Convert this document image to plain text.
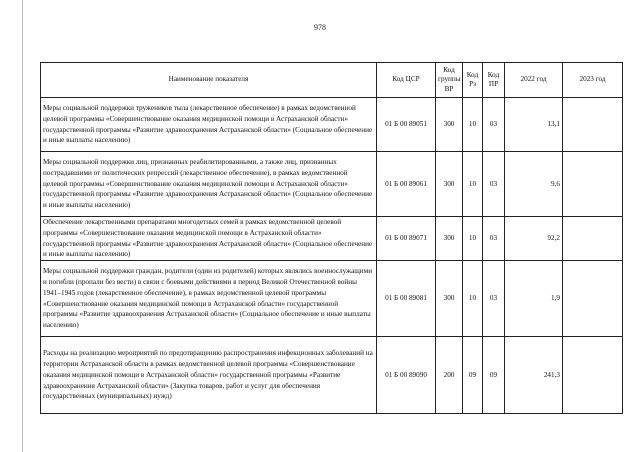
978
Наименование показателя	Код ЦСР	Код группы ВР	Код Рз	Код ПР	2022 год	2023 год
Меры социальной поддержки тружеников тыла (лекарственное обеспечение) в рамках ведомственной целевой программы «Совершенствование оказания медицинской помощи в Астраханской области» государственной программы «Развитие здравоохранения Астраханской области» (Социальное обеспечение и иные выплаты населению)	01 Б 00 89051	300	10	03	13,1	
Меры социальной поддержки лиц, признанных реабилитированными, а также лиц, признанных пострадавшими от политических репрессий (лекарственное обеспечение), в рамках ведомственной целевой программы «Совершенствование оказания медицинской помощи в Астраханской области» государственной программы «Развитие здравоохранения Астраханской области» (Социальное обеспечение и иные выплаты населению)	01 Б 00 89061	300	10	03	9,6	
Обеспечение лекарственными препаратами многодетных семей в рамках ведомственной целевой программы «Совершенствование оказания медицинской помощи в Астраханской области» государственной программы «Развитие здравоохранения Астраханской области» (Социальное обеспечение и иные выплаты населению)	01 Б 00 89071	300	10	03	92,2	
Меры социальной поддержки граждан, родители (один из родителей) которых являлись военнослужащими и погибли (пропали без вести) в связи с боевыми действиями в период Великой Отечественной войны 1941–1945 годов (лекарственное обеспечение), в рамках ведомственной целевой программы «Совершенствование оказания медицинской помощи в Астраханской области» государственной программы «Развитие здравоохранения Астраханской области» (Социальное обеспечение и иные выплаты населению)	01 Б 00 89081	300	10	03	1,9	
Расходы на реализацию мероприятий по предотвращению распространения инфекционных заболеваний на территории Астраханской области в рамках ведомственной целевой программы «Совершенствование оказания медицинской помощи в Астраханской области» государственной программы «Развитие здравоохранения Астраханской области» (Закупка товаров, работ и услуг для обеспечения государственных (муниципальных) нужд)	01 Б 00 89090	200	09	09	241,3	
